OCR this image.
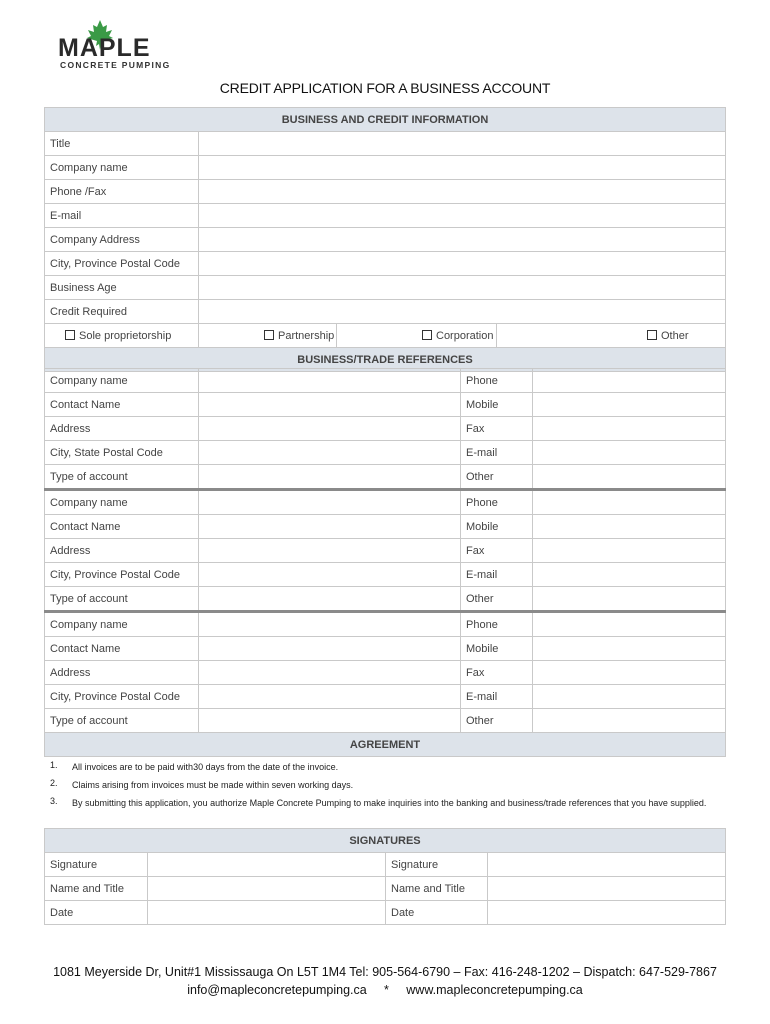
MAPLE
CONCRETE PUMPING
CREDIT APPLICATION FOR A BUSINESS ACCOUNT
BUSINESS AND CREDIT INFORMATION			
Title			
Company name			
Phone /Fax			
E-mail			
Company Address			
City, Province Postal Code			
Business Age			
Credit Required			
Sole proprietorship	Partnership	Corporation	Other
BUSINESS/TRADE REFERENCES			
Company name		Phone	
Contact Name		Mobile	
Address		Fax	
City, State Postal Code		E-mail	
Type of account		Other	
Company name		Phone	
Contact Name		Mobile	
Address		Fax	
City, Province Postal Code		E-mail	
Type of account		Other	
Company name		Phone	
Contact Name		Mobile	
Address		Fax	
City, Province Postal Code		E-mail	
Type of account		Other	
AGREEMENT			
1. All invoices are to be paid with30 days from the date of the invoice.
2. Claims arising from invoices must be made within seven working days.
3. By submitting this application, you authorize Maple Concrete Pumping to make inquiries into the banking and business/trade references that you have supplied.
SIGNATURES			
Signature		Signature	
Name and Title		Name and Title	
Date		Date	
1081 Meyerside Dr, Unit#1 Mississauga On L5T 1M4 Tel: 905-564-6790 – Fax: 416-248-1202 – Dispatch: 647-529-7867
info@mapleconcretepumping.ca     *     www.mapleconcretepumping.ca
